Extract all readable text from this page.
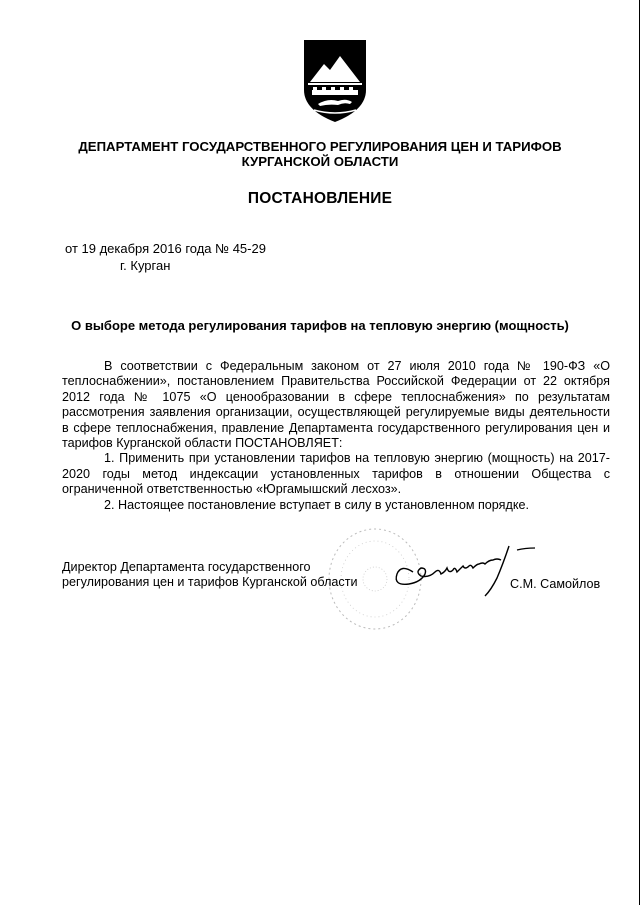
ДЕПАРТАМЕНТ ГОСУДАРСТВЕННОГО РЕГУЛИРОВАНИЯ ЦЕН И ТАРИФОВ
КУРГАНСКОЙ ОБЛАСТИ
ПОСТАНОВЛЕНИЕ
от 19 декабря 2016 года № 45-29
г. Курган
О выборе метода регулирования тарифов на тепловую энергию (мощность)

В соответствии с Федеральным законом от 27 июля 2010 года № 190-ФЗ «О теплоснабжении», постановлением Правительства Российской Федерации от 22 октября 2012 года № 1075 «О ценообразовании в сфере теплоснабжения» по результатам рассмотрения заявления организации, осуществляющей регулируемые виды деятельности в сфере теплоснабжения, правление Департамента государственного регулирования цен и тарифов Курганской области ПОСТАНОВЛЯЕТ:

1. Применить при установлении тарифов на тепловую энергию (мощность) на 2017-2020 годы метод индексации установленных тарифов в отношении Общества с ограниченной ответственностью «Юргамышский лесхоз».

2. Настоящее постановление вступает в силу в установленном порядке.

Директор Департамента государственного
регулирования цен и тарифов Курганской области	С.М. Самойлов
